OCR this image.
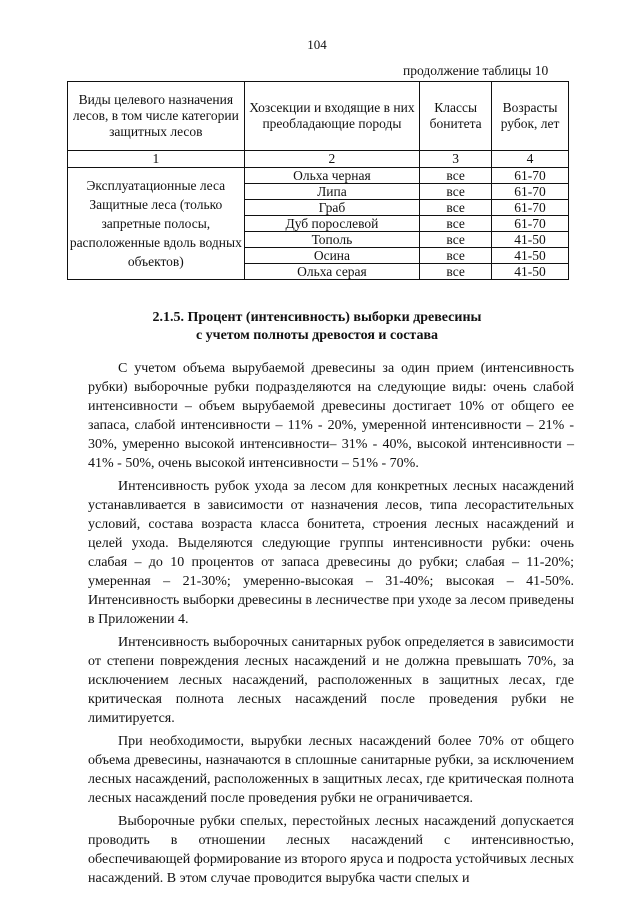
104
продолжение таблицы 10
Виды целевого назначения лесов, в том числе категории защитных лесов	Хозсекции и входящие в них преобладающие породы	Классы бонитета	Возрасты рубок, лет
1	2	3	4
Эксплуатационные леса Защитные леса (только запретные полосы, расположенные вдоль водных объектов)	Ольха черная	все	61-70
	Липа	все	61-70
	Граб	все	61-70
	Дуб порослевой	все	61-70
	Тополь	все	41-50
	Осина	все	41-50
	Ольха серая	все	41-50
2.1.5. Процент (интенсивность) выборки древесины
с учетом полноты древостоя и состава

С учетом объема вырубаемой древесины за один прием (интенсивность рубки) выборочные рубки подразделяются на следующие виды: очень слабой интенсивности – объем вырубаемой древесины достигает 10% от общего ее запаса, слабой интенсивности – 11% - 20%, умеренной интенсивности – 21% - 30%, умеренно высокой интенсивности– 31% - 40%, высокой интенсивности – 41% - 50%, очень высокой интенсивности – 51% - 70%.

Интенсивность рубок ухода за лесом для конкретных лесных насаждений устанавливается в зависимости от назначения лесов, типа лесорастительных условий, состава возраста класса бонитета, строения лесных насаждений и целей ухода. Выделяются следующие группы интенсивности рубки: очень слабая – до 10 процентов от запаса древесины до рубки; слабая – 11-20%; умеренная – 21-30%; умеренно-высокая – 31-40%; высокая – 41-50%. Интенсивность выборки древесины в лесничестве при уходе за лесом приведены в Приложении 4.

Интенсивность выборочных санитарных рубок определяется в зависимости от степени повреждения лесных насаждений и не должна превышать 70%, за исключением лесных насаждений, расположенных в защитных лесах, где критическая полнота лесных насаждений после проведения рубки не лимитируется.

При необходимости, вырубки лесных насаждений более 70% от общего объема древесины, назначаются в сплошные санитарные рубки, за исключением лесных насаждений, расположенных в защитных лесах, где критическая полнота лесных насаждений после проведения рубки не ограничивается.

Выборочные рубки спелых, перестойных лесных насаждений допускается проводить в отношении лесных насаждений с интенсивностью, обеспечивающей формирование из второго яруса и подроста устойчивых лесных насаждений. В этом случае проводится вырубка части спелых и
